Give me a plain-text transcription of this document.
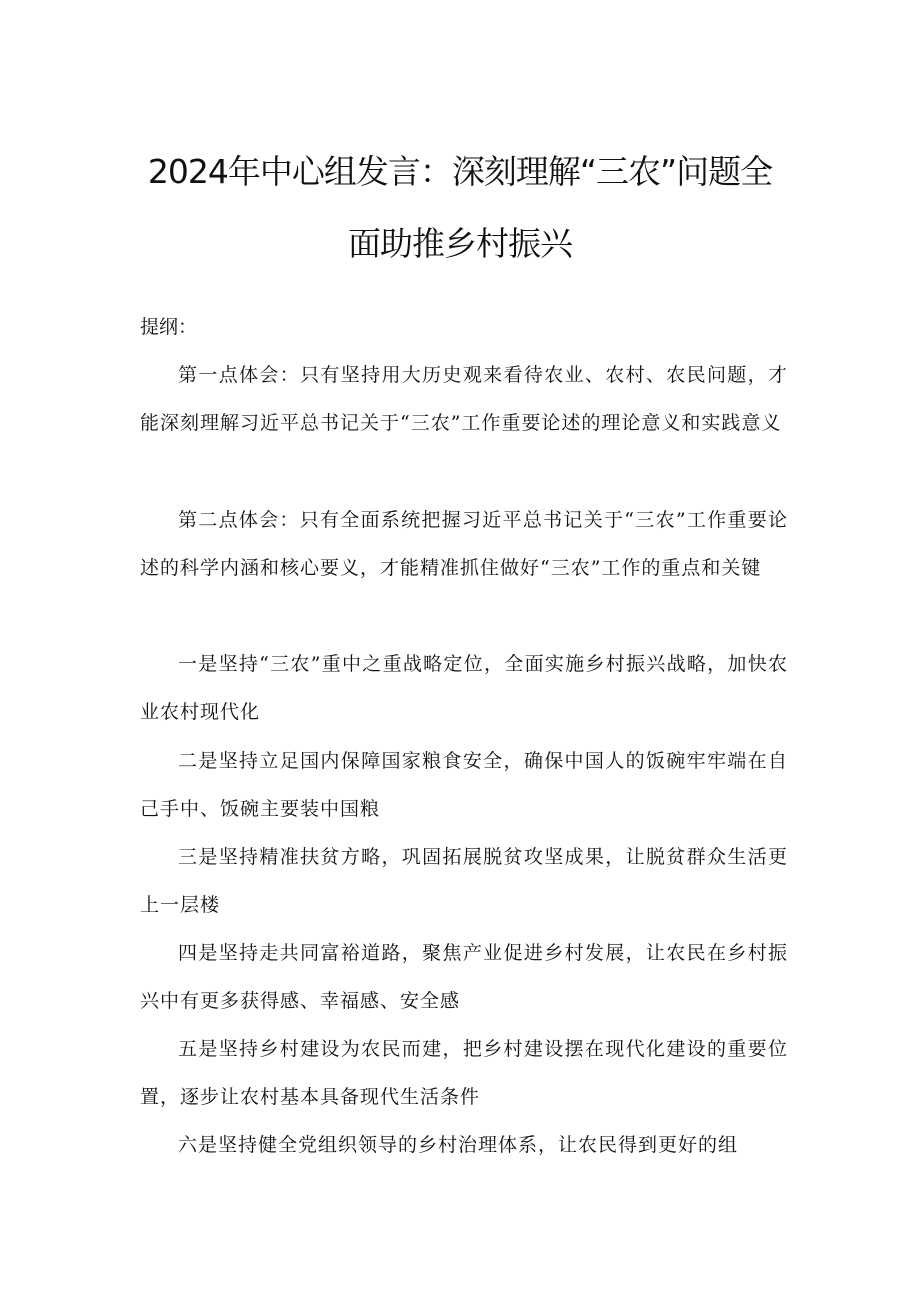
2024年中心组发言：深刻理解“三农”问题全
面助推乡村振兴

提纲：

第一点体会：只有坚持用大历史观来看待农业、农村、农民问题，才能深刻理解习近平总书记关于“三农”工作重要论述的理论意义和实践意义

第二点体会：只有全面系统把握习近平总书记关于“三农”工作重要论述的科学内涵和核心要义，才能精准抓住做好“三农”工作的重点和关键

一是坚持“三农”重中之重战略定位，全面实施乡村振兴战略，加快农业农村现代化

二是坚持立足国内保障国家粮食安全，确保中国人的饭碗牢牢端在自己手中、饭碗主要装中国粮

三是坚持精准扶贫方略，巩固拓展脱贫攻坚成果，让脱贫群众生活更上一层楼

四是坚持走共同富裕道路，聚焦产业促进乡村发展，让农民在乡村振兴中有更多获得感、幸福感、安全感

五是坚持乡村建设为农民而建，把乡村建设摆在现代化建设的重要位置，逐步让农村基本具备现代生活条件

六是坚持健全党组织领导的乡村治理体系，让农民得到更好的组
